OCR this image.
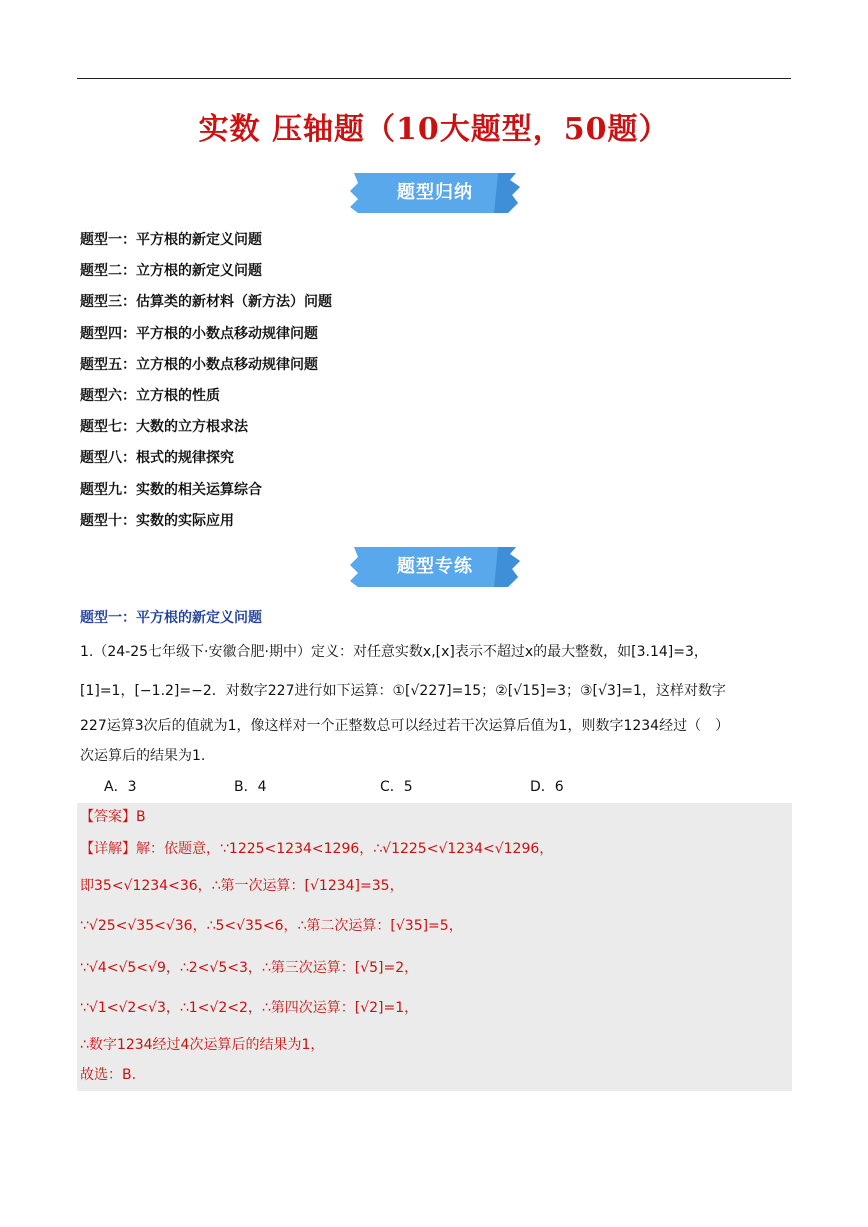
实数 压轴题（10大题型，50题）
题型归纳
题型一：平方根的新定义问题
题型二：立方根的新定义问题
题型三：估算类的新材料（新方法）问题
题型四：平方根的小数点移动规律问题
题型五：立方根的小数点移动规律问题
题型六：立方根的性质
题型七：大数的立方根求法
题型八：根式的规律探究
题型九：实数的相关运算综合
题型十：实数的实际应用
题型专练
题型一：平方根的新定义问题
1.（24-25七年级下·安徽合肥·期中）定义：对任意实数x,[x]表示不超过x的最大整数，如[3.14]=3，
[1]=1，[−1.2]=−2．对数字227进行如下运算：①[√227]=15；②[√15]=3；③[√3]=1，这样对数字
227运算3次后的值就为1，像这样对一个正整数总可以经过若干次运算后值为1，则数字1234经过（　）
次运算后的结果为1.
A．3	B．4	C．5	D．6
【答案】B
【详解】解：依题意，∵1225<1234<1296，∴√1225<√1234<√1296，
即35<√1234<36，∴第一次运算：[√1234]=35，
∵√25<√35<√36，∴5<√35<6，∴第二次运算：[√35]=5，
∵√4<√5<√9，∴2<√5<3，∴第三次运算：[√5]=2，
∵√1<√2<√3，∴1<√2<2，∴第四次运算：[√2]=1，
∴数字1234经过4次运算后的结果为1，
故选：B.
